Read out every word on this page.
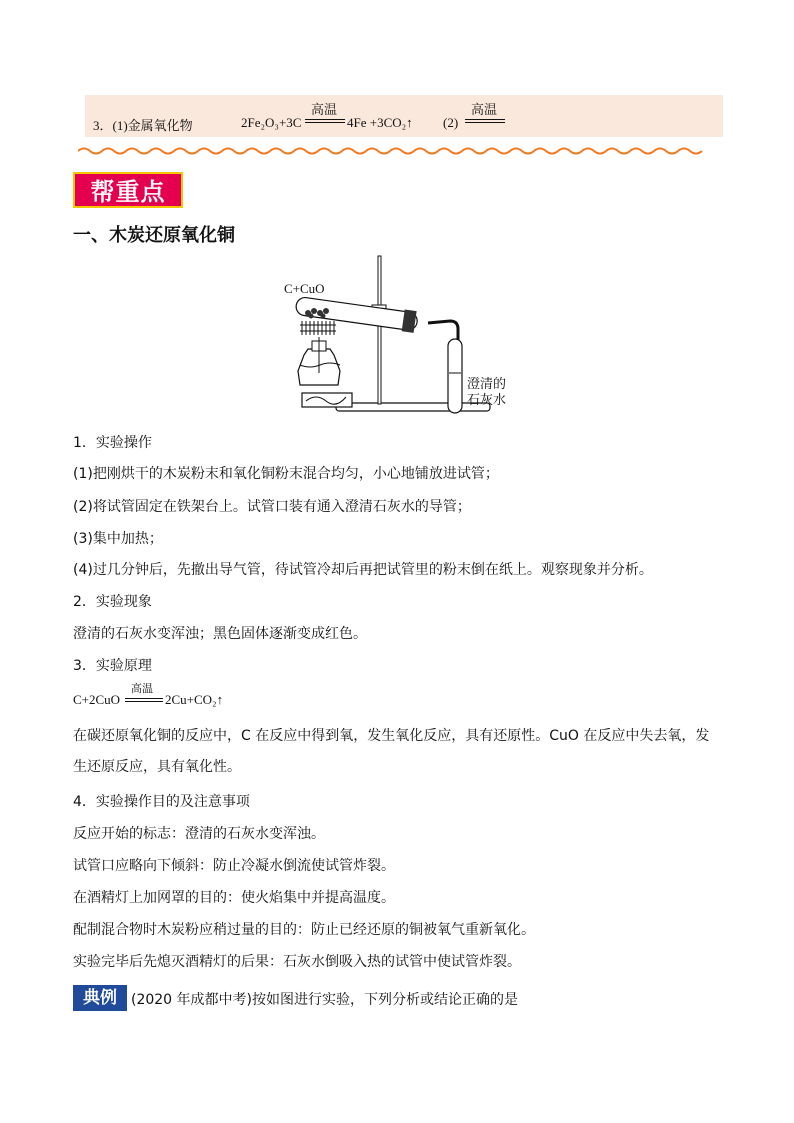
3．(1)金属氧化物	2Fe₂O₃+3C
高温
4Fe +3CO₂↑ (2)
高温
帮重点
一、木炭还原氧化铜
C+CuO
澄清的
石灰水
1．实验操作
(1)把刚烘干的木炭粉末和氧化铜粉末混合均匀，小心地铺放进试管；
(2)将试管固定在铁架台上。试管口装有通入澄清石灰水的导管；
(3)集中加热；
(4)过几分钟后，先撤出导气管，待试管冷却后再把试管里的粉末倒在纸上。观察现象并分析。
2．实验现象
澄清的石灰水变浑浊；黑色固体逐渐变成红色。
3．实验原理
C+2CuO
高温
2Cu+CO₂↑
在碳还原氧化铜的反应中，C 在反应中得到氧，发生氧化反应，具有还原性。CuO 在反应中失去氧，发生还原反应，具有氧化性。
4．实验操作目的及注意事项
反应开始的标志：澄清的石灰水变浑浊。
试管口应略向下倾斜：防止冷凝水倒流使试管炸裂。
在酒精灯上加网罩的目的：使火焰集中并提高温度。
配制混合物时木炭粉应稍过量的目的：防止已经还原的铜被氧气重新氧化。
实验完毕后先熄灭酒精灯的后果：石灰水倒吸入热的试管中使试管炸裂。
典例	(2020 年成都中考)按如图进行实验，下列分析或结论正确的是
